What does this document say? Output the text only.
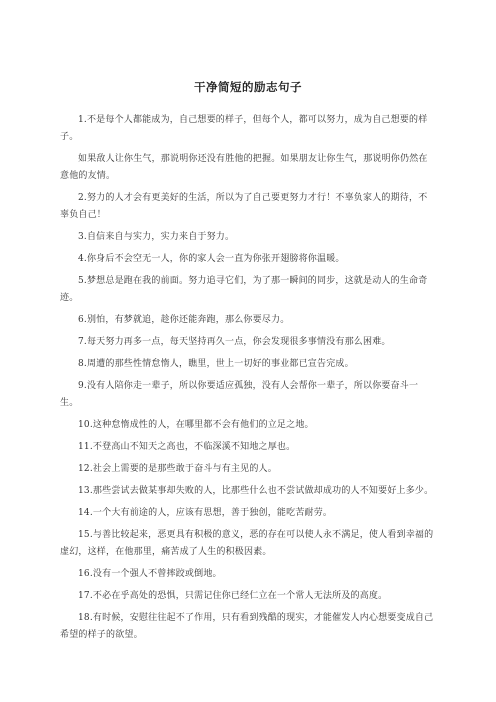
干净简短的励志句子

1.不是每个人都能成为，自己想要的样子，但每个人，都可以努力，成为自己想要的样子。

如果敌人让你生气，那说明你还没有胜他的把握。如果朋友让你生气，那说明你仍然在意他的友情。

2.努力的人才会有更美好的生活，所以为了自己要更努力才行！不辜负家人的期待，不辜负自己！

3.自信来自与实力，实力来自于努力。

4.你身后不会空无一人，你的家人会一直为你张开翅膀将你温暖。

5.梦想总是跑在我的前面。努力追寻它们，为了那一瞬间的同步，这就是动人的生命奇迹。

6.别怕，有梦就追，趁你还能奔跑，那么你要尽力。

7.每天努力再多一点，每天坚持再久一点，你会发现很多事情没有那么困难。

8.周遭的那些性情怠惰人，瞧里，世上一切好的事业都已宣告完成。

9.没有人陪你走一辈子，所以你要适应孤独，没有人会帮你一辈子，所以你要奋斗一生。

10.这种怠惰成性的人，在哪里都不会有他们的立足之地。

11.不登高山不知天之高也，不临深溪不知地之厚也。

12.社会上需要的是那些敢于奋斗与有主见的人。

13.那些尝试去做某事却失败的人，比那些什么也不尝试做却成功的人不知要好上多少。

14.一个大有前途的人，应该有思想，善于独创，能吃苦耐劳。

15.与善比较起来，恶更具有积极的意义，恶的存在可以使人永不满足，使人看到幸福的虚幻，这样，在他那里，痛苦成了人生的积极因素。

16.没有一个强人不曾摔跤或倒地。

17.不必在乎高处的恐惧，只需记住你已经仁立在一个常人无法所及的高度。

18.有时候，安慰往往起不了作用，只有看到残酷的现实，才能催发人内心想要变成自己希望的样子的欲望。
